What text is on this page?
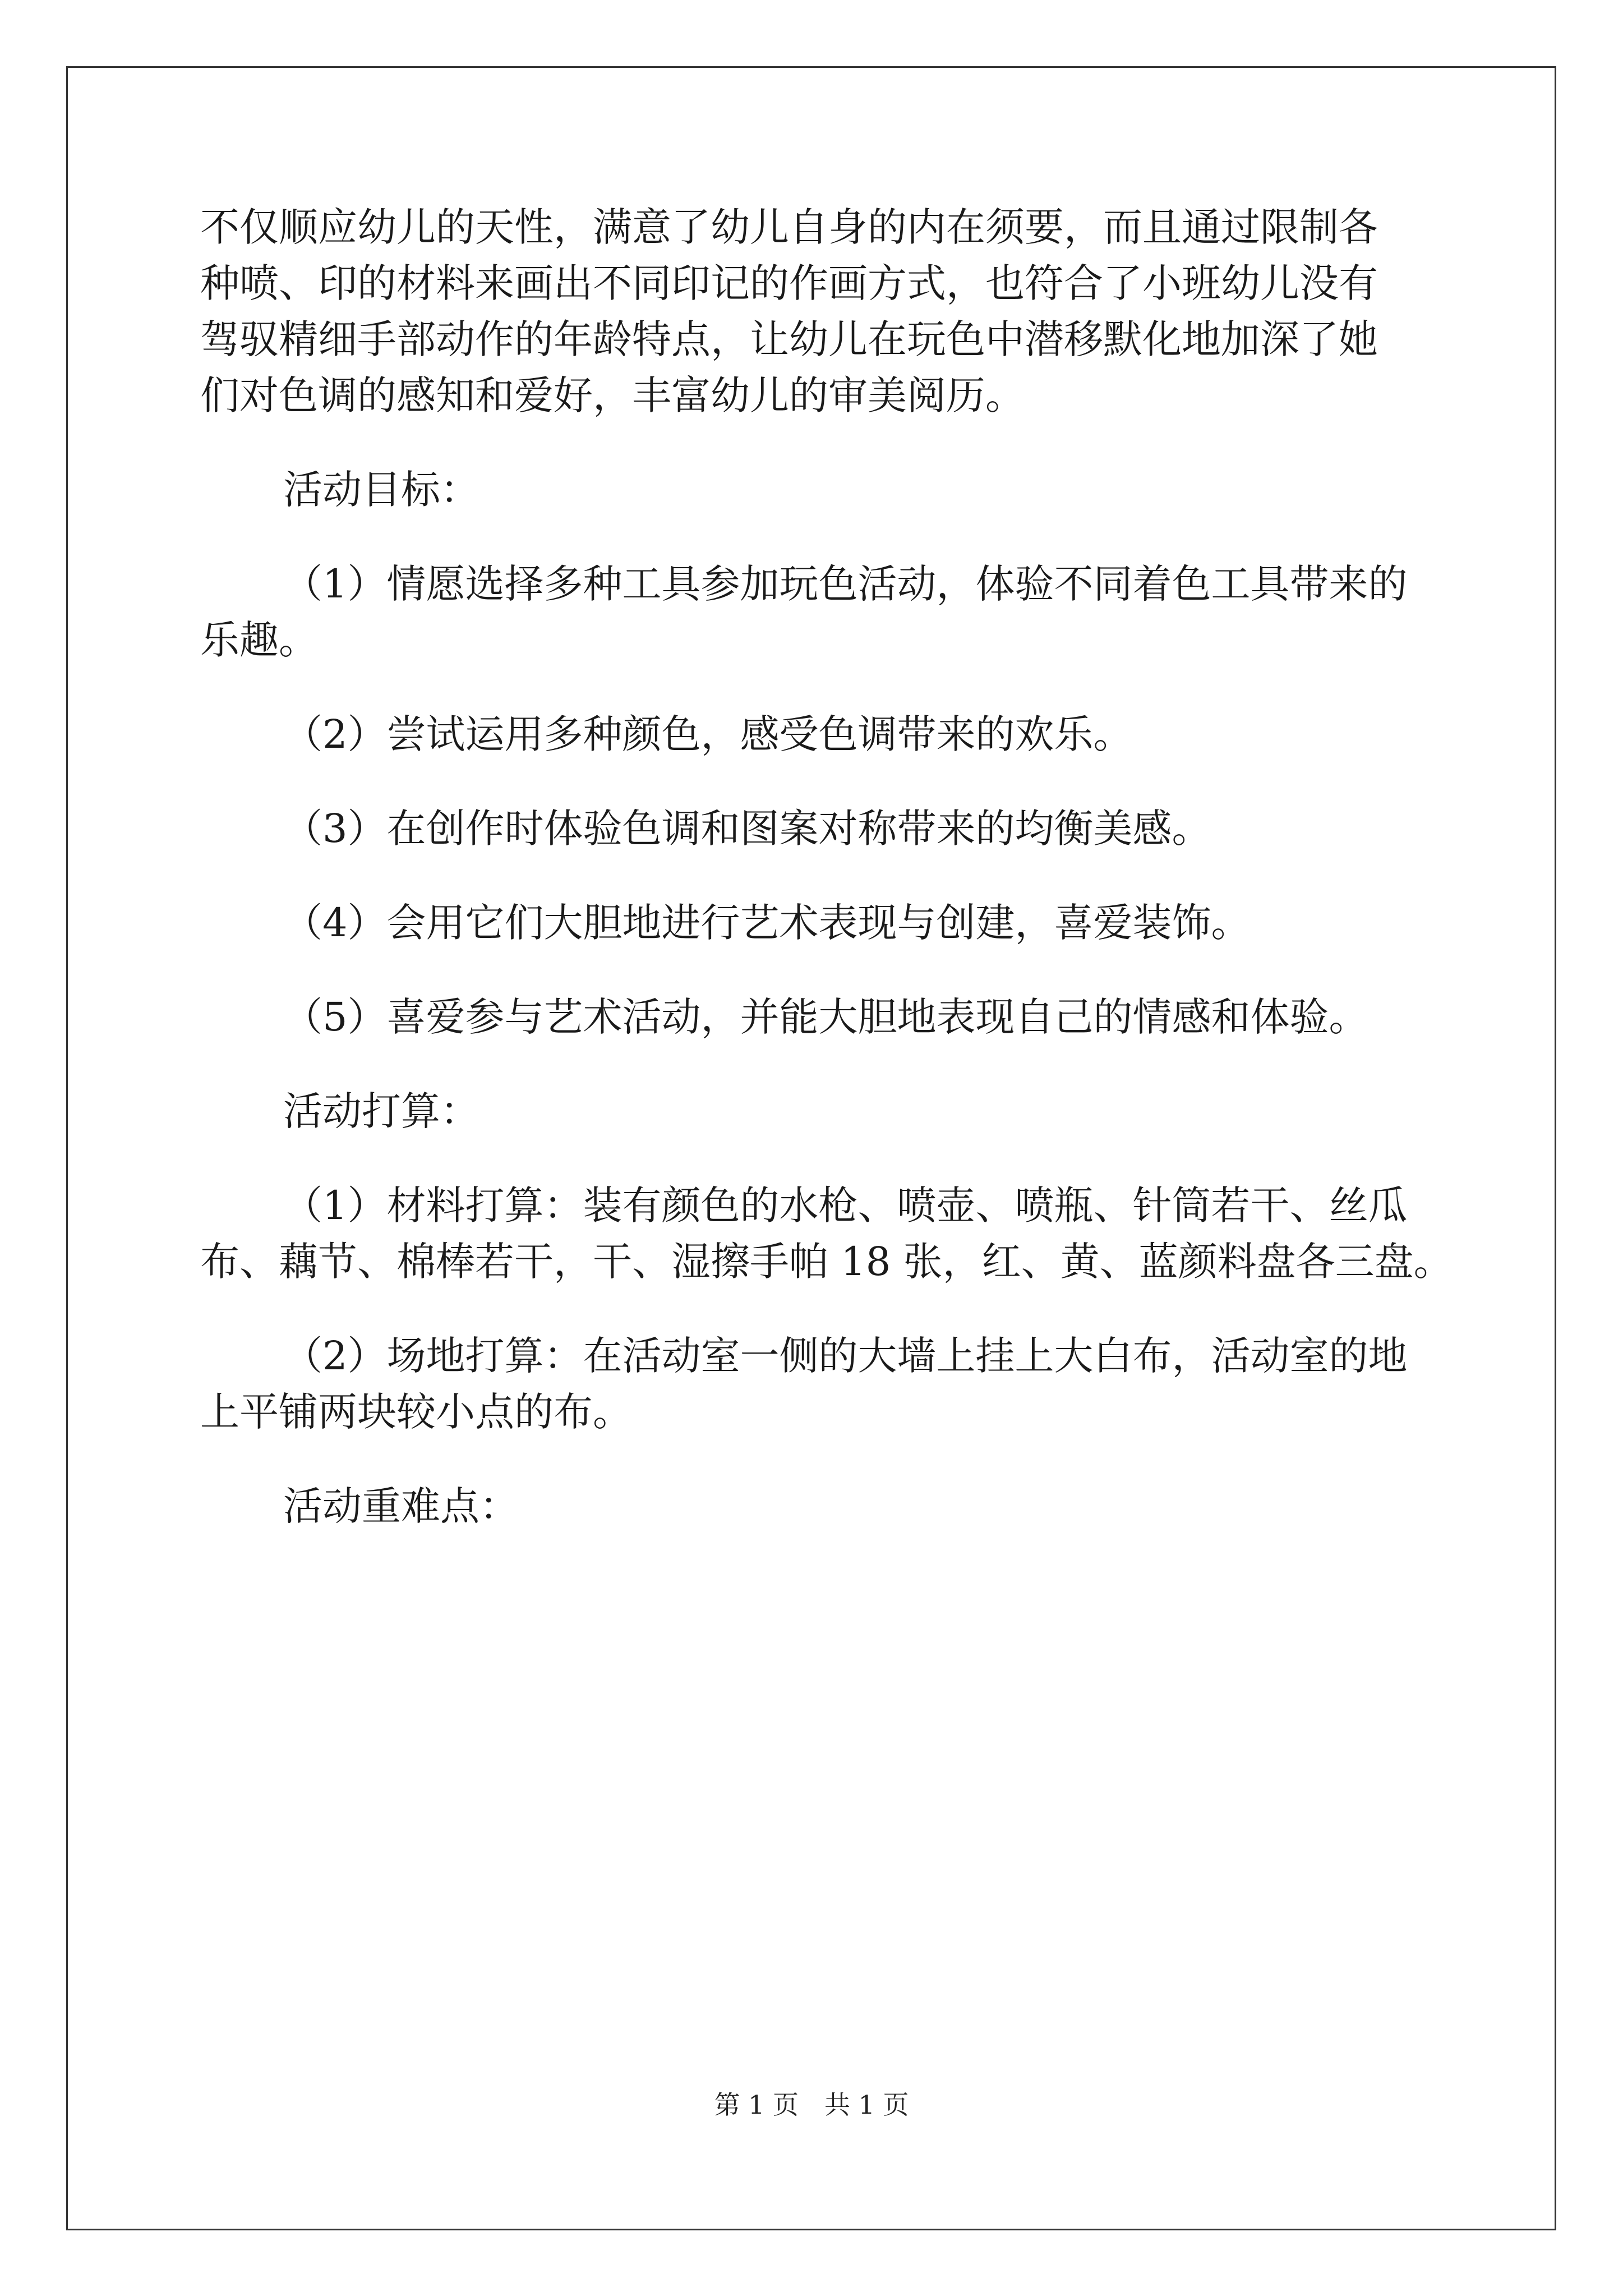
不仅顺应幼儿的天性，满意了幼儿自身的内在须要，而且通过限制各
种喷、印的材料来画出不同印记的作画方式，也符合了小班幼儿没有
驾驭精细手部动作的年龄特点，让幼儿在玩色中潜移默化地加深了她
们对色调的感知和爱好，丰富幼儿的审美阅历。
活动目标：
（1）情愿选择多种工具参加玩色活动，体验不同着色工具带来的
乐趣。
（2）尝试运用多种颜色，感受色调带来的欢乐。
（3）在创作时体验色调和图案对称带来的均衡美感。
（4）会用它们大胆地进行艺术表现与创建，喜爱装饰。
（5）喜爱参与艺术活动，并能大胆地表现自己的情感和体验。
活动打算：
（1）材料打算：装有颜色的水枪、喷壶、喷瓶、针筒若干、丝瓜
布、藕节、棉棒若干，干、湿擦手帕 18 张，红、黄、蓝颜料盘各三盘。
（2）场地打算：在活动室一侧的大墙上挂上大白布，活动室的地
上平铺两块较小点的布。
活动重难点：
第 1 页　共 1 页
